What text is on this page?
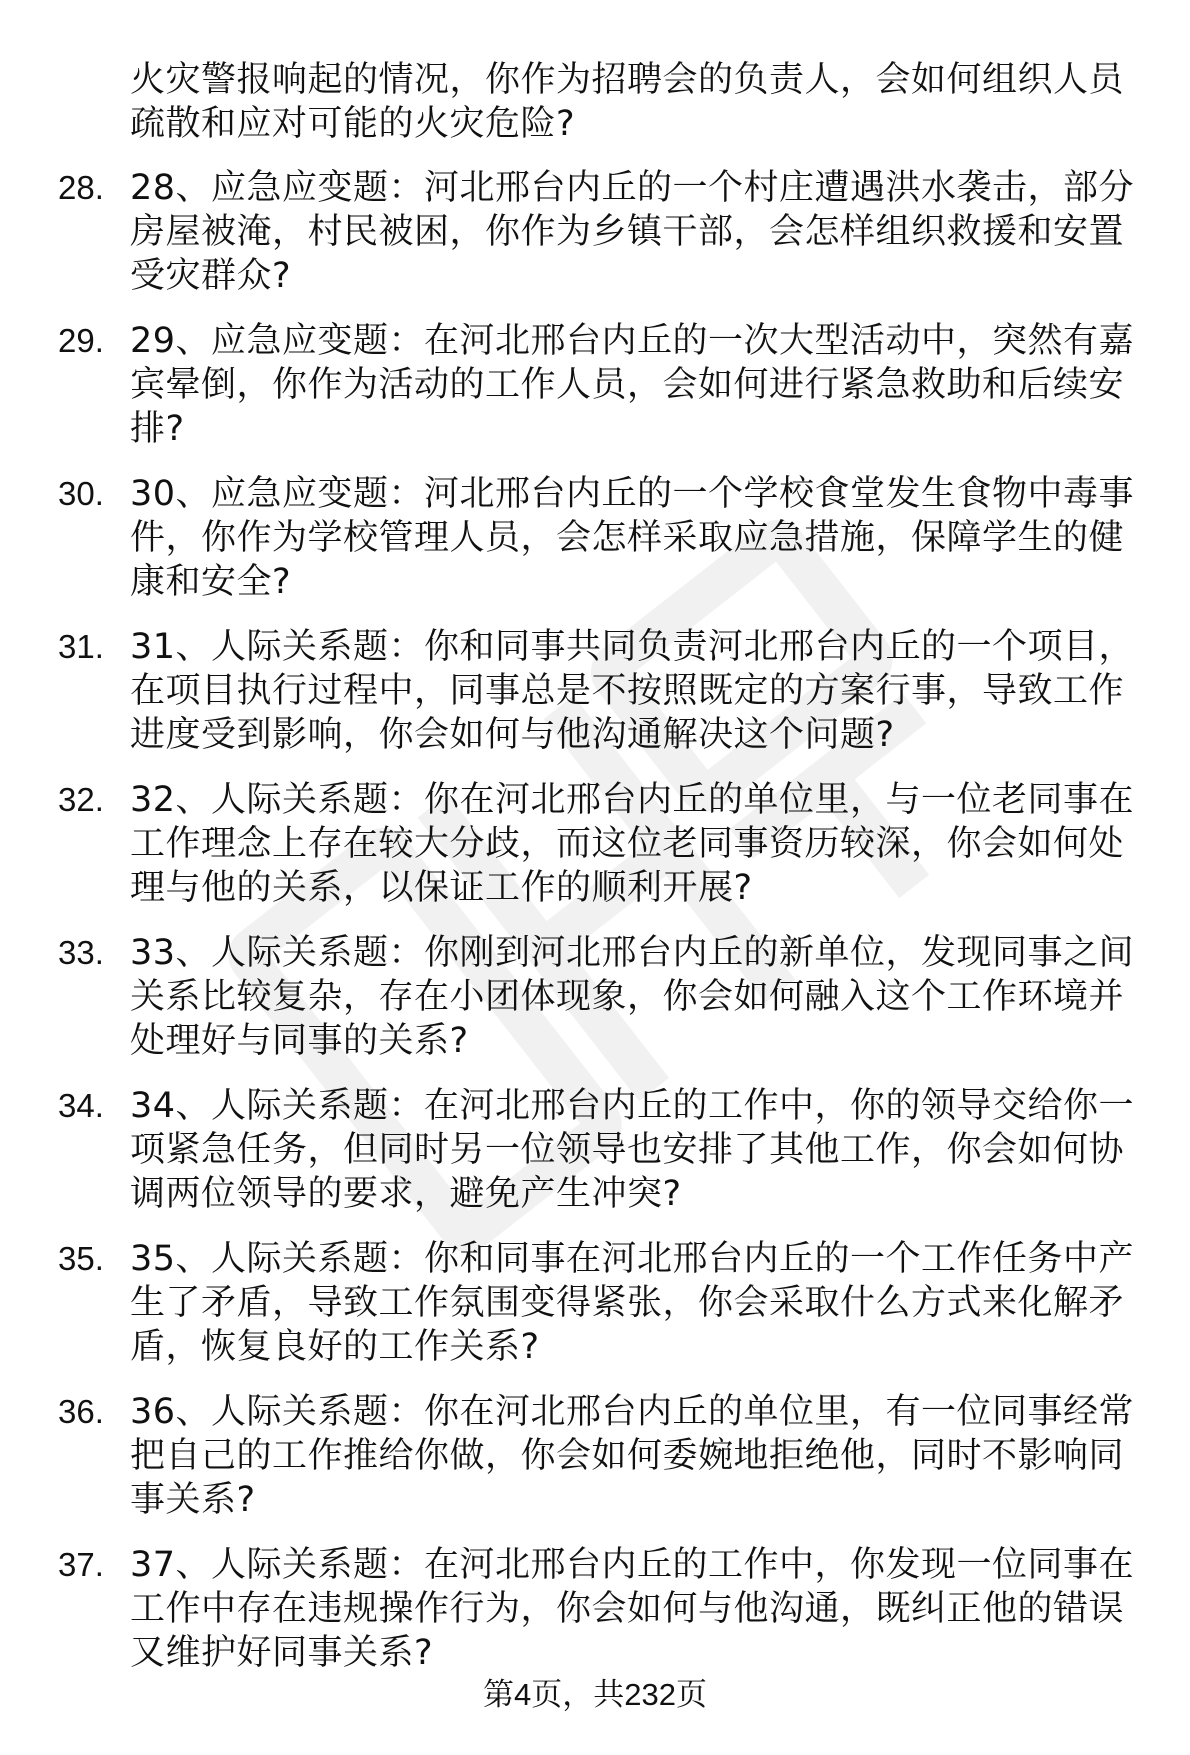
火灾警报响起的情况，你作为招聘会的负责人，会如何组织人员疏散和应对可能的火灾危险?
28. 28、应急应变题：河北邢台内丘的一个村庄遭遇洪水袭击，部分房屋被淹，村民被困，你作为乡镇干部，会怎样组织救援和安置受灾群众?
29. 29、应急应变题：在河北邢台内丘的一次大型活动中，突然有嘉宾晕倒，你作为活动的工作人员，会如何进行紧急救助和后续安排?
30. 30、应急应变题：河北邢台内丘的一个学校食堂发生食物中毒事件，你作为学校管理人员，会怎样采取应急措施，保障学生的健康和安全?
31. 31、人际关系题：你和同事共同负责河北邢台内丘的一个项目，在项目执行过程中，同事总是不按照既定的方案行事，导致工作进度受到影响，你会如何与他沟通解决这个问题?
32. 32、人际关系题：你在河北邢台内丘的单位里，与一位老同事在工作理念上存在较大分歧，而这位老同事资历较深，你会如何处理与他的关系，以保证工作的顺利开展?
33. 33、人际关系题：你刚到河北邢台内丘的新单位，发现同事之间关系比较复杂，存在小团体现象，你会如何融入这个工作环境并处理好与同事的关系?
34. 34、人际关系题：在河北邢台内丘的工作中，你的领导交给你一项紧急任务，但同时另一位领导也安排了其他工作，你会如何协调两位领导的要求，避免产生冲突?
35. 35、人际关系题：你和同事在河北邢台内丘的一个工作任务中产生了矛盾，导致工作氛围变得紧张，你会采取什么方式来化解矛盾，恢复良好的工作关系?
36. 36、人际关系题：你在河北邢台内丘的单位里，有一位同事经常把自己的工作推给你做，你会如何委婉地拒绝他，同时不影响同事关系?
37. 37、人际关系题：在河北邢台内丘的工作中，你发现一位同事在工作中存在违规操作行为，你会如何与他沟通，既纠正他的错误又维护好同事关系?
第4页，共232页
